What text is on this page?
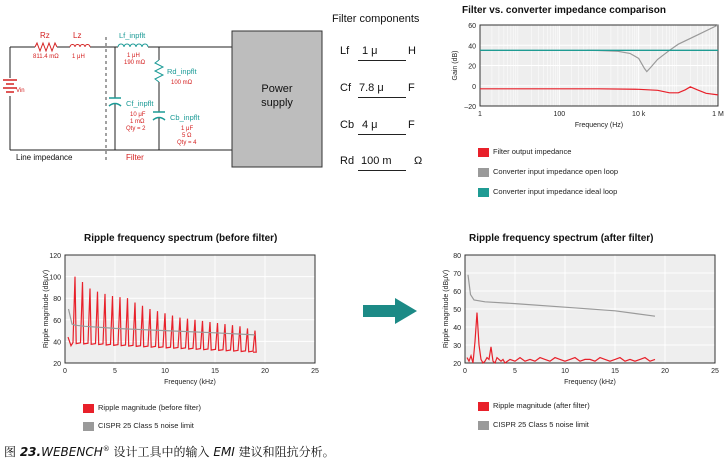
Rz
811.4 mΩ
Lz
1 μH
Lf_inpflt
1 μH
190 mΩ
Rd_inpflt
100 mΩ
Cf_inpflt
10 μF
1 mΩ
Qty = 2
Cb_inpflt
1 μF
5 Ω
Qty = 4
Vin	Power
supply
Line impedance	Filter
Filter components
Lf 1 μ	H
Cf 7.8 μ F
Cb 4 μ	F
Rd 100 m Ω
Filter vs. converter impedance comparison
–20
0
20
40
60
1	100	10 k	1 M
Frequency (Hz)
Gain (dB)
Filter output impedance
Converter input impedance open loop
Converter input impedance ideal loop
Ripple frequency spectrum (before filter)
20
40
60
80
100
120
0	5	10	15	20	25
Frequency (kHz)
Ripple magnitude (dBμV)
Ripple magnitude (before filter)
CISPR 25 Class 5 noise limit
Ripple frequency spectrum (after filter)
20
30
40
50
60
70
80
0	5	10	15	20	25
Frequency (kHz)
Ripple magnitude (dBμV)
Ripple magnitude (after filter)
CISPR 25 Class 5 noise limit
图 23.WEBENCH® 设计工具中的输入 EMI 建议和阻抗分析。
